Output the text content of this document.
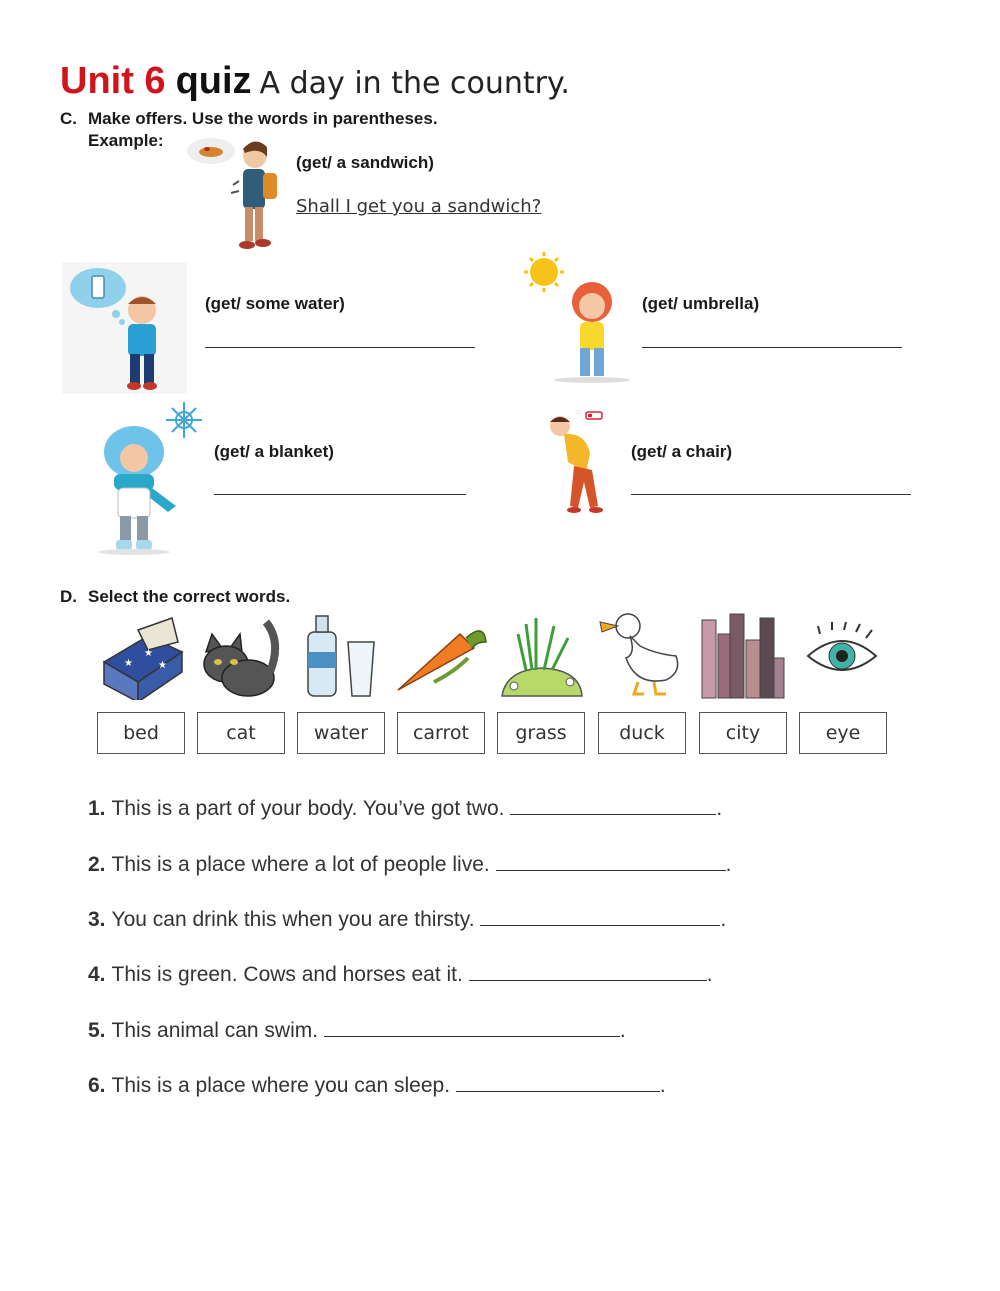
Unit 6 quiz A day in the country.
C. Make offers. Use the words in parentheses.
Example:
(get/ a sandwich)
Shall I get you a sandwich?
(get/ some water)	(get/ umbrella)
(get/ a blanket)	(get/ a chair)
D. Select the correct words.
★
★
★
bed	cat	water	carrot	grass	duck	city	eye
1. This is a part of your body. You’ve got two.	.
2. This is a place where a lot of people live.	.
3. You can drink this when you are thirsty.	.
4. This is green. Cows and horses eat it.	.
5. This animal can swim.	.
6. This is a place where you can sleep.	.
